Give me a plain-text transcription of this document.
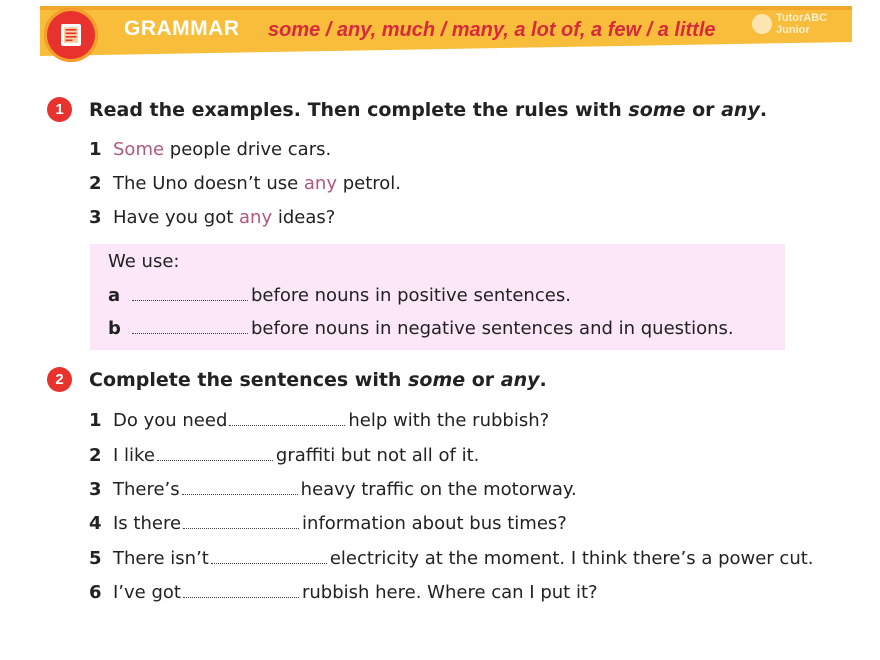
GRAMMAR some / any, much / many, a lot of, a few / a little
TutorABC
Junior
1	Read the examples. Then complete the rules with some or any.
1 Some people drive cars.
2 The Uno doesn’t use any petrol.
3 Have you got any ideas?
We use:
a	before nouns in positive sentences.
b	before nouns in negative sentences and in questions.
2	Complete the sentences with some or any.
1 Do you need	help with the rubbish?
2 I like	graffiti but not all of it.
3 There’s	heavy traffic on the motorway.
4 Is there	information about bus times?
5 There isn’t	electricity at the moment. I think there’s a power cut.
6 I’ve got	rubbish here. Where can I put it?
